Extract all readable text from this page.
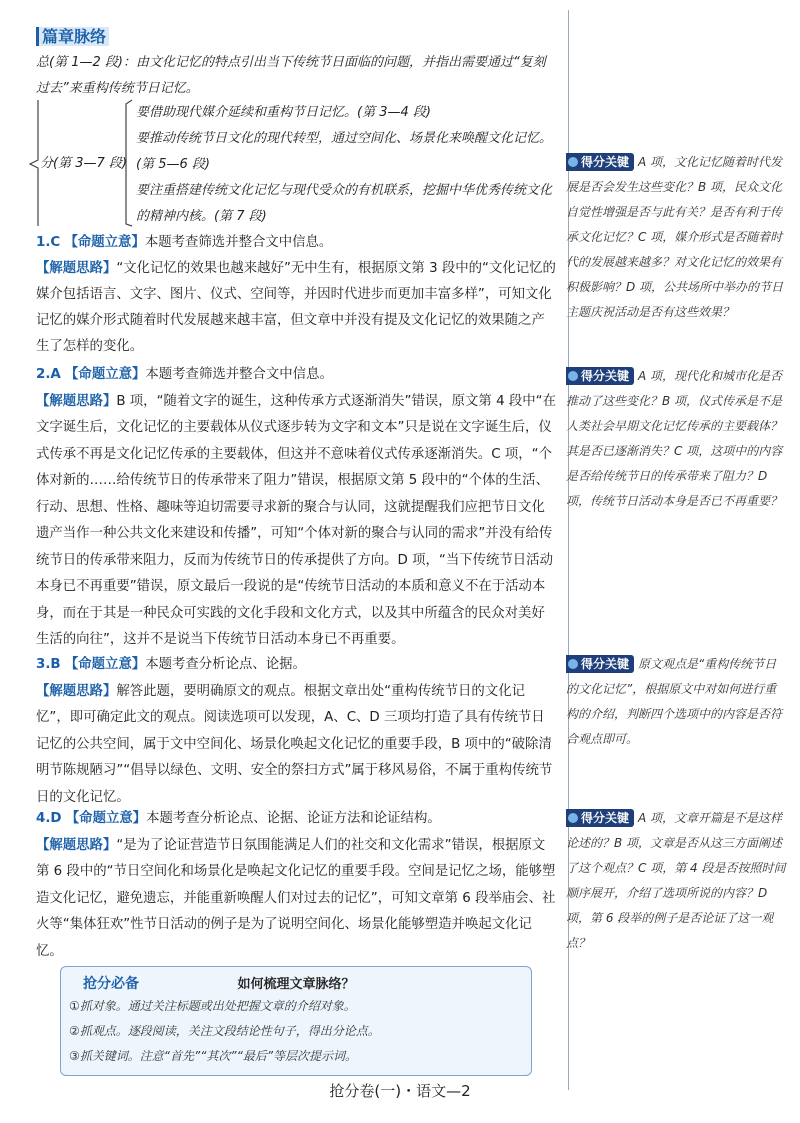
篇章脉络
总(第 1—2 段)：由文化记忆的特点引出当下传统节日面临的问题，并指出需要通过“复刻过去”来重构传统节日记忆。
分(第 3—7 段)
要借助现代媒介延续和重构节日记忆。(第 3—4 段)
要推动传统节日文化的现代转型，通过空间化、场景化来唤醒文化记忆。(第 5—6 段)
要注重搭建传统文化记忆与现代受众的有机联系，挖掘中华优秀传统文化的精神内核。(第 7 段)
1.C 【命题立意】本题考查筛选并整合文中信息。
【解题思路】“文化记忆的效果也越来越好”无中生有，根据原文第 3 段中的“文化记忆的媒介包括语言、文字、图片、仪式、空间等，并因时代进步而更加丰富多样”，可知文化记忆的媒介形式随着时代发展越来越丰富，但文章中并没有提及文化记忆的效果随之产生了怎样的变化。
2.A 【命题立意】本题考查筛选并整合文中信息。
【解题思路】B 项，“随着文字的诞生，这种传承方式逐渐消失”错误，原文第 4 段中“在文字诞生后，文化记忆的主要载体从仪式逐步转为文字和文本”只是说在文字诞生后，仪式传承不再是文化记忆传承的主要载体，但这并不意味着仪式传承逐渐消失。C 项，“个体对新的……给传统节日的传承带来了阻力”错误，根据原文第 5 段中的“个体的生活、行动、思想、性格、趣味等迫切需要寻求新的聚合与认同，这就提醒我们应把节日文化遗产当作一种公共文化来建设和传播”，可知“个体对新的聚合与认同的需求”并没有给传统节日的传承带来阻力，反而为传统节日的传承提供了方向。D 项，“当下传统节日活动本身已不再重要”错误，原文最后一段说的是“传统节日活动的本质和意义不在于活动本身，而在于其是一种民众可实践的文化手段和文化方式，以及其中所蕴含的民众对美好生活的向往”，这并不是说当下传统节日活动本身已不再重要。
3.B 【命题立意】本题考查分析论点、论据。
【解题思路】解答此题，要明确原文的观点。根据文章出处“重构传统节日的文化记忆”，即可确定此文的观点。阅读选项可以发现，A、C、D 三项均打造了具有传统节日记忆的公共空间，属于文中空间化、场景化唤起文化记忆的重要手段，B 项中的“破除清明节陈规陋习”“倡导以绿色、文明、安全的祭扫方式”属于移风易俗，不属于重构传统节日的文化记忆。
4.D 【命题立意】本题考查分析论点、论据、论证方法和论证结构。
【解题思路】“是为了论证营造节日氛围能满足人们的社交和文化需求”错误，根据原文第 6 段中的“节日空间化和场景化是唤起文化记忆的重要手段。空间是记忆之场，能够塑造文化记忆，避免遗忘，并能重新唤醒人们对过去的记忆”，可知文章第 6 段举庙会、社火等“集体狂欢”性节日活动的例子是为了说明空间化、场景化能够塑造并唤起文化记忆。
抢分必备	如何梳理文章脉络？
①抓对象。通过关注标题或出处把握文章的介绍对象。
②抓观点。逐段阅读，关注文段结论性句子，得出分论点。
③抓关键词。注意“首先”“其次”“最后”等层次提示词。
得分关键 A 项，文化记忆随着时代发展是否会发生这些变化？B 项，民众文化自觉性增强是否与此有关？是否有利于传承文化记忆？C 项，媒介形式是否随着时代的发展越来越多？对文化记忆的效果有积极影响？D 项，公共场所中举办的节日主题庆祝活动是否有这些效果？
得分关键 A 项，现代化和城市化是否推动了这些变化？B 项，仪式传承是不是人类社会早期文化记忆传承的主要载体？其是否已逐渐消失？C 项，这项中的内容是否给传统节日的传承带来了阻力？D 项，传统节日活动本身是否已不再重要？
得分关键 原文观点是“重构传统节日的文化记忆”，根据原文中对如何进行重构的介绍，判断四个选项中的内容是否符合观点即可。
得分关键 A 项，文章开篇是不是这样论述的？B 项，文章是否从这三方面阐述了这个观点？C 项，第 4 段是否按照时间顺序展开，介绍了选项所说的内容？D 项，第 6 段举的例子是否论证了这一观点？
抢分卷(一)・语文—2
